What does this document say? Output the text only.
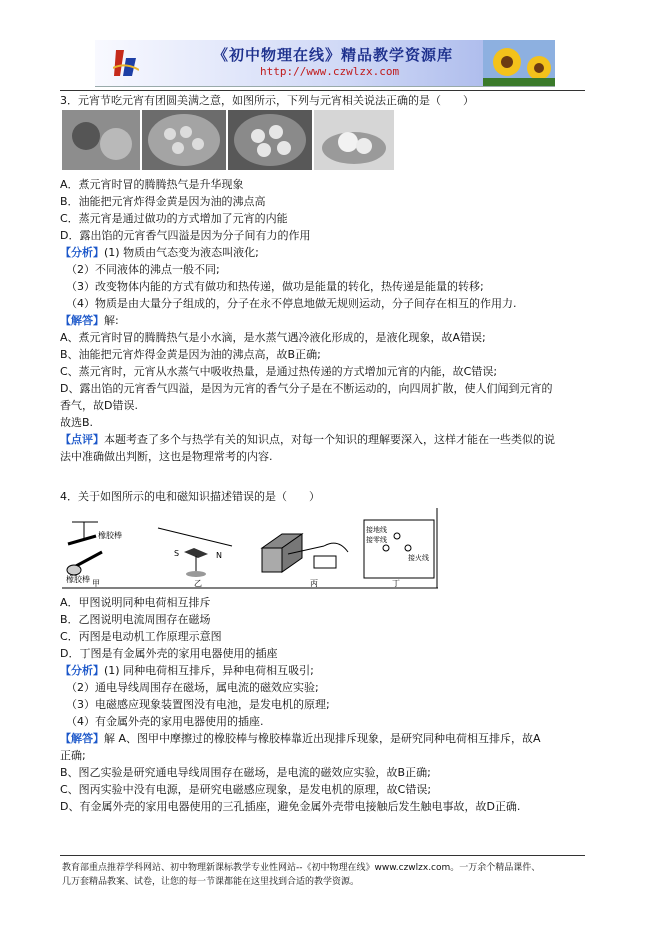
《初中物理在线》精品教学资源库
http://www.czwlzx.com
3．元宵节吃元宵有团圆美满之意，如图所示，下列与元宵相关说法正确的是（　　）
A．煮元宵时冒的腾腾热气是升华现象
B．油能把元宵炸得金黄是因为油的沸点高
C．蒸元宵是通过做功的方式增加了元宵的内能
D．露出馅的元宵香气四溢是因为分子间有力的作用
【分析】(1) 物质由气态变为液态叫液化;
（2）不同液体的沸点一般不同;
（3）改变物体内能的方式有做功和热传递，做功是能量的转化，热传递是能量的转移;
（4）物质是由大量分子组成的，分子在永不停息地做无规则运动，分子间存在相互的作用力.
【解答】解:
A、煮元宵时冒的腾腾热气是小水滴，是水蒸气遇冷液化形成的，是液化现象，故A错误;
B、油能把元宵炸得金黄是因为油的沸点高，故B正确;
C、蒸元宵时，元宵从水蒸气中吸收热量，是通过热传递的方式增加元宵的内能，故C错误;
D、露出馅的元宵香气四溢，是因为元宵的香气分子是在不断运动的，向四周扩散，使人们闻到元宵的
香气，故D错误.
故选B.
【点评】本题考查了多个与热学有关的知识点，对每一个知识的理解要深入，这样才能在一些类似的说
法中准确做出判断，这也是物理常考的内容.
4．关于如图所示的电和磁知识描述错误的是（　　）
橡胶棒
橡胶棒 甲
S	N
乙	丙
接地线
接零线
接火线
丁
A．甲图说明同种电荷相互排斥
B．乙图说明电流周围存在磁场
C．丙图是电动机工作原理示意图
D．丁图是有金属外壳的家用电器使用的插座
【分析】(1) 同种电荷相互排斥，异种电荷相互吸引;
（2）通电导线周围存在磁场，属电流的磁效应实验;
（3）电磁感应现象装置图没有电池，是发电机的原理;
（4）有金属外壳的家用电器使用的插座.
【解答】解 A、图甲中摩擦过的橡胶棒与橡胶棒靠近出现排斥现象，是研究同种电荷相互排斥，故A
正确;
B、图乙实验是研究通电导线周围存在磁场，是电流的磁效应实验，故B正确;
C、图丙实验中没有电源，是研究电磁感应现象，是发电机的原理，故C错误;
D、有金属外壳的家用电器使用的三孔插座，避免金属外壳带电接触后发生触电事故，故D正确.
教育部重点推荐学科网站、初中物理新课标教学专业性网站--《初中物理在线》www.czwlzx.com。一万余个精品课件、
几万套精品教案、试卷，让您的每一节课都能在这里找到合适的教学资源。
